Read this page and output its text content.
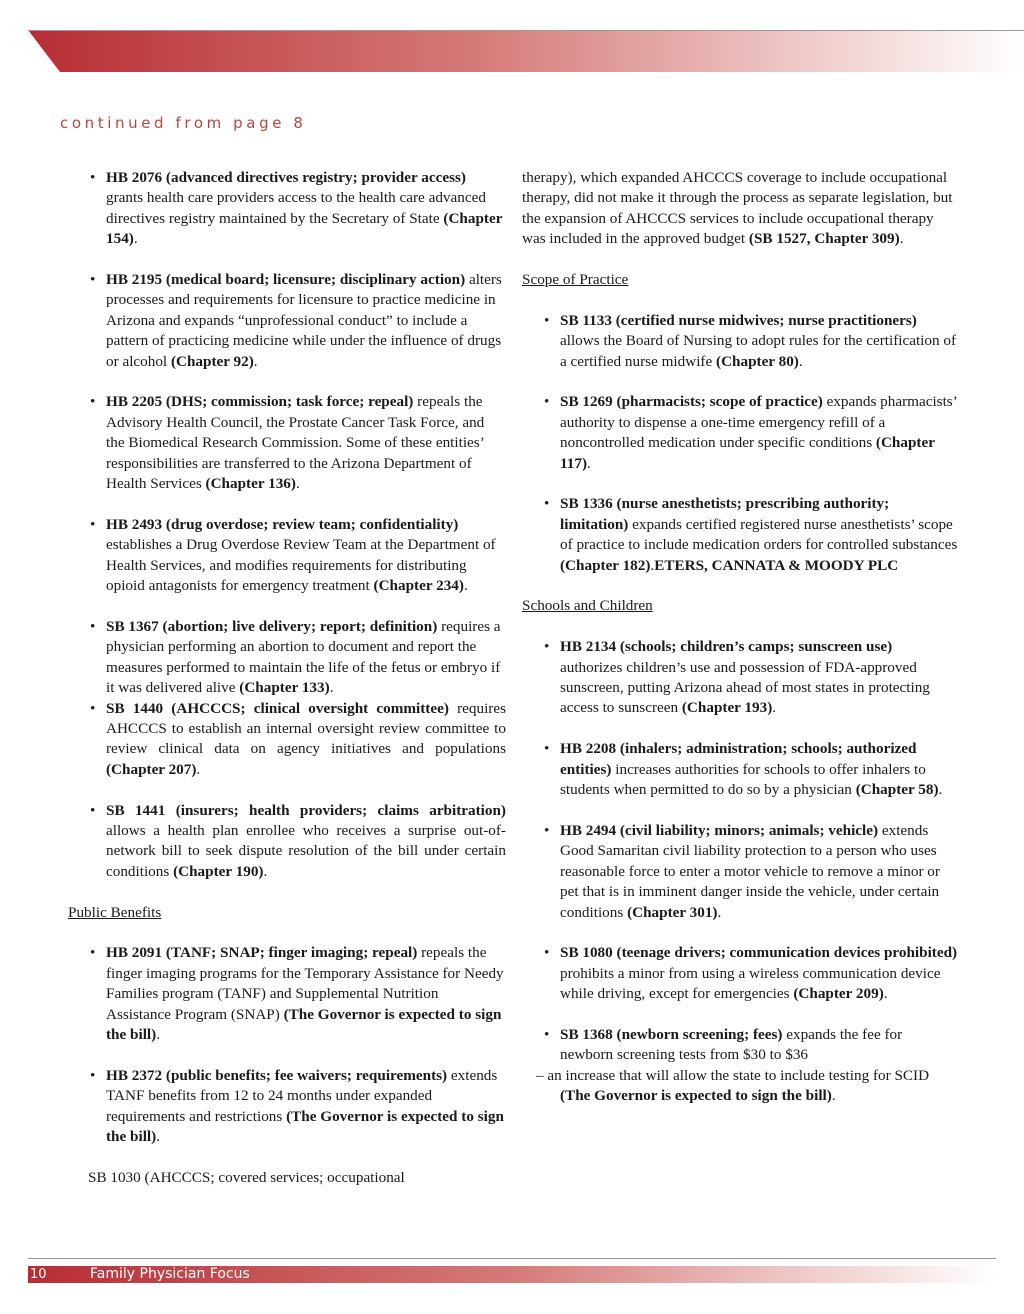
continued from page 8
• HB 2076 (advanced directives registry; provider access) grants health care providers access to the health care advanced directives registry maintained by the Secretary of State (Chapter 154).
• HB 2195 (medical board; licensure; disciplinary action) alters processes and requirements for licensure to practice medicine in Arizona and expands “unprofessional conduct” to include a pattern of practicing medicine while under the influence of drugs or alcohol (Chapter 92).
• HB 2205 (DHS; commission; task force; repeal) repeals the Advisory Health Council, the Prostate Cancer Task Force, and the Biomedical Research Commission. Some of these entities’ responsibilities are transferred to the Arizona Department of Health Services (Chapter 136).
• HB 2493 (drug overdose; review team; confidentiality) establishes a Drug Overdose Review Team at the Department of Health Services, and modifies requirements for distributing opioid antagonists for emergency treatment (Chapter 234).
• SB 1367 (abortion; live delivery; report; definition) requires a physician performing an abortion to document and report the measures performed to maintain the life of the fetus or embryo if it was delivered alive (Chapter 133).
• SB 1440 (AHCCCS; clinical oversight committee) requires AHCCCS to establish an internal oversight review committee to review clinical data on agency initiatives and populations (Chapter 207).
• SB 1441 (insurers; health providers; claims arbitration) allows a health plan enrollee who receives a surprise out-of-network bill to seek dispute resolution of the bill under certain conditions (Chapter 190).
Public Benefits
• HB 2091 (TANF; SNAP; finger imaging; repeal) repeals the finger imaging programs for the Temporary Assistance for Needy Families program (TANF) and Supplemental Nutrition Assistance Program (SNAP) (The Governor is expected to sign the bill).
• HB 2372 (public benefits; fee waivers; requirements) extends TANF benefits from 12 to 24 months under expanded requirements and restrictions (The Governor is expected to sign the bill).
SB 1030 (AHCCCS; covered services; occupational
therapy), which expanded AHCCCS coverage to include occupational therapy, did not make it through the process as separate legislation, but the expansion of AHCCCS services to include occupational therapy was included in the approved budget (SB 1527, Chapter 309).
Scope of Practice
• SB 1133 (certified nurse midwives; nurse practitioners) allows the Board of Nursing to adopt rules for the certification of a certified nurse midwife (Chapter 80).
• SB 1269 (pharmacists; scope of practice) expands pharmacists’ authority to dispense a one-time emergency refill of a noncontrolled medication under specific conditions (Chapter 117).
• SB 1336 (nurse anesthetists; prescribing authority; limitation) expands certified registered nurse anesthetists’ scope of practice to include medication orders for controlled substances (Chapter 182).ETERS, CANNATA & MOODY PLC
Schools and Children
• HB 2134 (schools; children’s camps; sunscreen use) authorizes children’s use and possession of FDA-approved sunscreen, putting Arizona ahead of most states in protecting access to sunscreen (Chapter 193).
• HB 2208 (inhalers; administration; schools; authorized entities) increases authorities for schools to offer inhalers to students when permitted to do so by a physician (Chapter 58).
• HB 2494 (civil liability; minors; animals; vehicle) extends Good Samaritan civil liability protection to a person who uses reasonable force to enter a motor vehicle to remove a minor or pet that is in imminent danger inside the vehicle, under certain conditions (Chapter 301).
• SB 1080 (teenage drivers; communication devices prohibited) prohibits a minor from using a wireless communication device while driving, except for emergencies (Chapter 209).
• SB 1368 (newborn screening; fees) expands the fee for newborn screening tests from $30 to $36
– an increase that will allow the state to include testing for SCID (The Governor is expected to sign the bill).
10	Family Physician Focus
